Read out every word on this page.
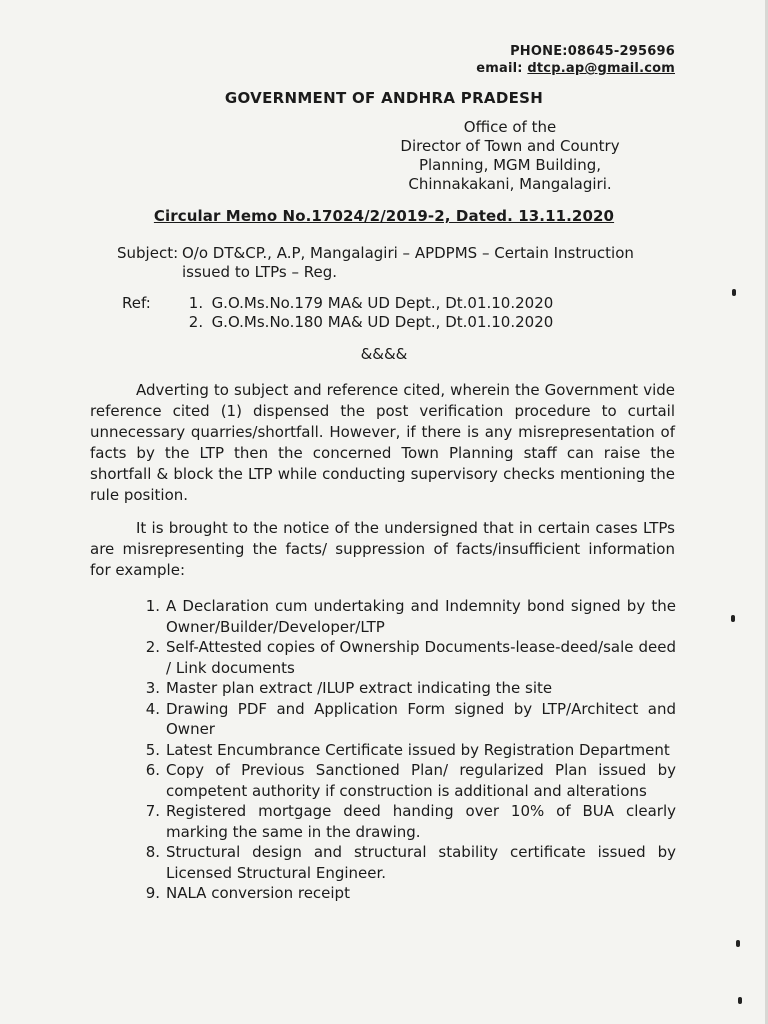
PHONE:08645-295696
email: dtcp.ap@gmail.com
GOVERNMENT OF ANDHRA PRADESH
Office of the
Director of Town and Country
Planning, MGM Building,
Chinnakakani, Mangalagiri.
Circular Memo No.17024/2/2019-2, Dated. 13.11.2020
Subject: O/o DT&CP., A.P, Mangalagiri – APDPMS – Certain Instruction
issued to LTPs – Reg.
Ref:	1. G.O.Ms.No.179 MA& UD Dept., Dt.01.10.2020
2. G.O.Ms.No.180 MA& UD Dept., Dt.01.10.2020
&&&&
Adverting to subject and reference cited, wherein the Government vide reference cited (1) dispensed the post verification procedure to curtail unnecessary quarries/shortfall. However, if there is any misrepresentation of facts by the LTP then the concerned Town Planning staff can raise the shortfall & block the LTP while conducting supervisory checks mentioning the rule position.
It is brought to the notice of the undersigned that in certain cases LTPs are misrepresenting the facts/ suppression of facts/insufficient information for example:
1. A Declaration cum undertaking and Indemnity bond signed by the Owner/Builder/Developer/LTP
2. Self-Attested copies of Ownership Documents-lease-deed/sale deed / Link documents
3. Master plan extract /ILUP extract indicating the site
4. Drawing PDF and Application Form signed by LTP/Architect and Owner
5. Latest Encumbrance Certificate issued by Registration Department
6. Copy of Previous Sanctioned Plan/ regularized Plan issued by competent authority if construction is additional and alterations
7. Registered mortgage deed handing over 10% of BUA clearly marking the same in the drawing.
8. Structural design and structural stability certificate issued by Licensed Structural Engineer.
9. NALA conversion receipt
